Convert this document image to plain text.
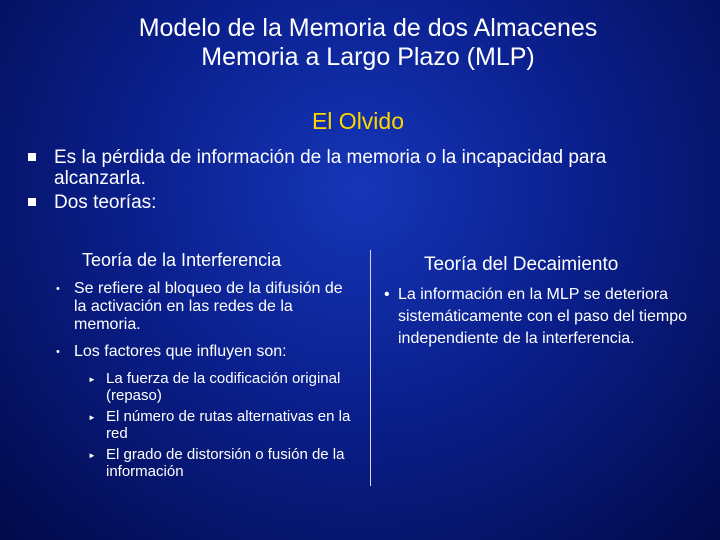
Modelo de la Memoria de dos Almacenes
Memoria a Largo Plazo (MLP)
El Olvido
Es la pérdida de información de la memoria o la incapacidad para alcanzarla.
Dos teorías:
Teoría de la Interferencia
• Se refiere al bloqueo de la difusión de la activación en las redes de la memoria.
• Los factores que influyen son:
► La fuerza de la codificación original (repaso)
► El número de rutas alternativas en la red
► El grado de distorsión o fusión de la información
Teoría del Decaimiento
• La información en la MLP se deteriora sistemáticamente con el paso del tiempo independiente de la interferencia.
